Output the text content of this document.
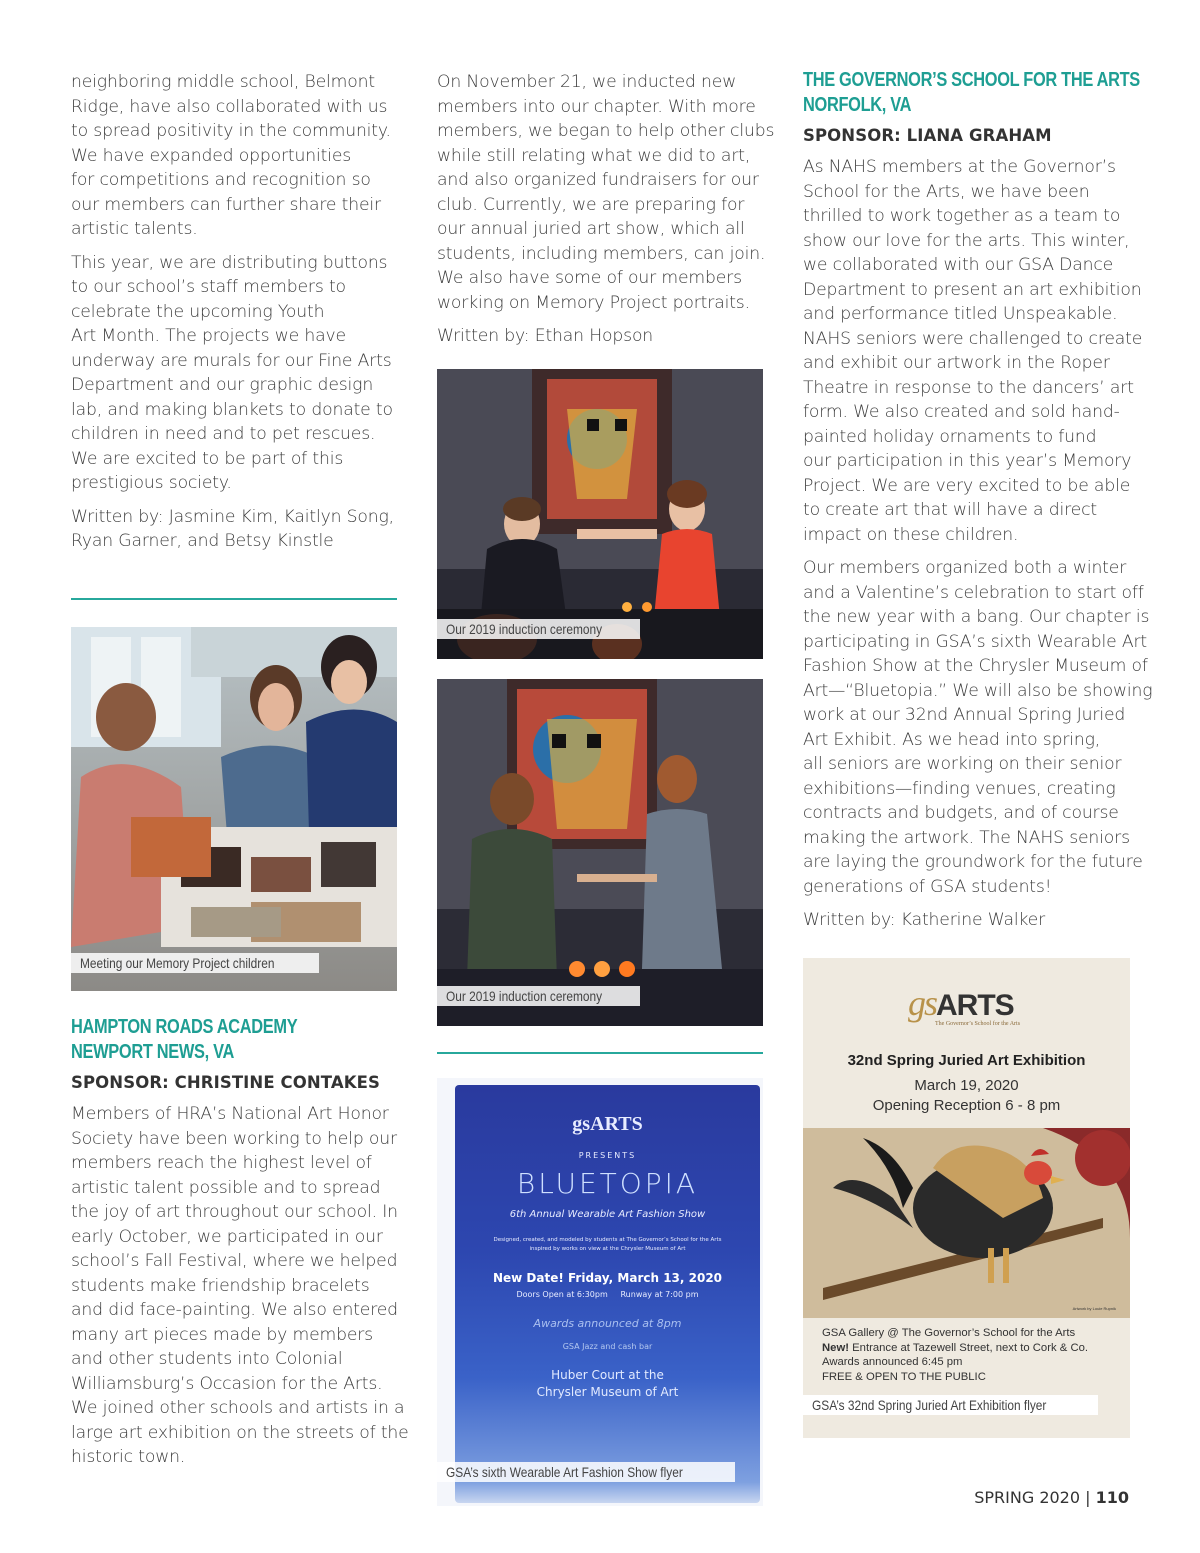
neighboring middle school, Belmont
Ridge, have also collaborated with us
to spread positivity in the community.
We have expanded opportunities
for competitions and recognition so
our members can further share their
artistic talents.

This year, we are distributing buttons
to our school’s staff members to
celebrate the upcoming Youth
Art Month. The projects we have
underway are murals for our Fine Arts
Department and our graphic design
lab, and making blankets to donate to
children in need and to pet rescues.
We are excited to be part of this
prestigious society.

Written by: Jasmine Kim, Kaitlyn Song,
Ryan Garner, and Betsy Kinstle

Meeting our Memory Project children
HAMPTON ROADS ACADEMY
NEWPORT NEWS, VA
SPONSOR: CHRISTINE CONTAKES

Members of HRA’s National Art Honor
Society have been working to help our
members reach the highest level of
artistic talent possible and to spread
the joy of art throughout our school. In
early October, we participated in our
school’s Fall Festival, where we helped
students make friendship bracelets
and did face-painting. We also entered
many art pieces made by members
and other students into Colonial
Williamsburg’s Occasion for the Arts.
We joined other schools and artists in a
large art exhibition on the streets of the
historic town.

On November 21, we inducted new
members into our chapter. With more
members, we began to help other clubs
while still relating what we did to art,
and also organized fundraisers for our
club. Currently, we are preparing for
our annual juried art show, which all
students, including members, can join.
We also have some of our members
working on Memory Project portraits.

Written by: Ethan Hopson

Our 2019 induction ceremony
Our 2019 induction ceremony
gsARTS
PRESENTS
BLUETOPIA
6th Annual Wearable Art Fashion Show
Designed, created, and modeled by students at The Governor’s School for the Arts
inspired by works on view at the Chrysler Museum of Art
New Date! Friday, March 13, 2020
Doors Open at 6:30pm     Runway at 7:00 pm
Awards announced at 8pm
GSA Jazz and cash bar
Huber Court at the
Chrysler Museum of Art
GSA’s sixth Wearable Art Fashion Show flyer
THE GOVERNOR’S SCHOOL FOR THE ARTS
NORFOLK, VA
SPONSOR: LIANA GRAHAM

As NAHS members at the Governor’s
School for the Arts, we have been
thrilled to work together as a team to
show our love for the arts. This winter,
we collaborated with our GSA Dance
Department to present an art exhibition
and performance titled Unspeakable.
NAHS seniors were challenged to create
and exhibit our artwork in the Roper
Theatre in response to the dancers’ art
form. We also created and sold hand-
painted holiday ornaments to fund
our participation in this year’s Memory
Project. We are very excited to be able
to create art that will have a direct
impact on these children.

Our members organized both a winter
and a Valentine’s celebration to start off
the new year with a bang. Our chapter is
participating in GSA’s sixth Wearable Art
Fashion Show at the Chrysler Museum of
Art—“Bluetopia.” We will also be showing
work at our 32nd Annual Spring Juried
Art Exhibit. As we head into spring,
all seniors are working on their senior
exhibitions—finding venues, creating
contracts and budgets, and of course
making the artwork. The NAHS seniors
are laying the groundwork for the future
generations of GSA students!

Written by: Katherine Walker

gsARTS
The Governor’s School for the Arts
32nd Spring Juried Art Exhibition
March 19, 2020
Opening Reception 6 - 8 pm
Artwork by Louie Rupnik
GSA Gallery @ The Governor’s School for the Arts
New! Entrance at Tazewell Street, next to Cork & Co.
Awards announced 6:45 pm
FREE & OPEN TO THE PUBLIC
GSA’s 32nd Spring Juried Art Exhibition flyer
SPRING 2020 | 110
